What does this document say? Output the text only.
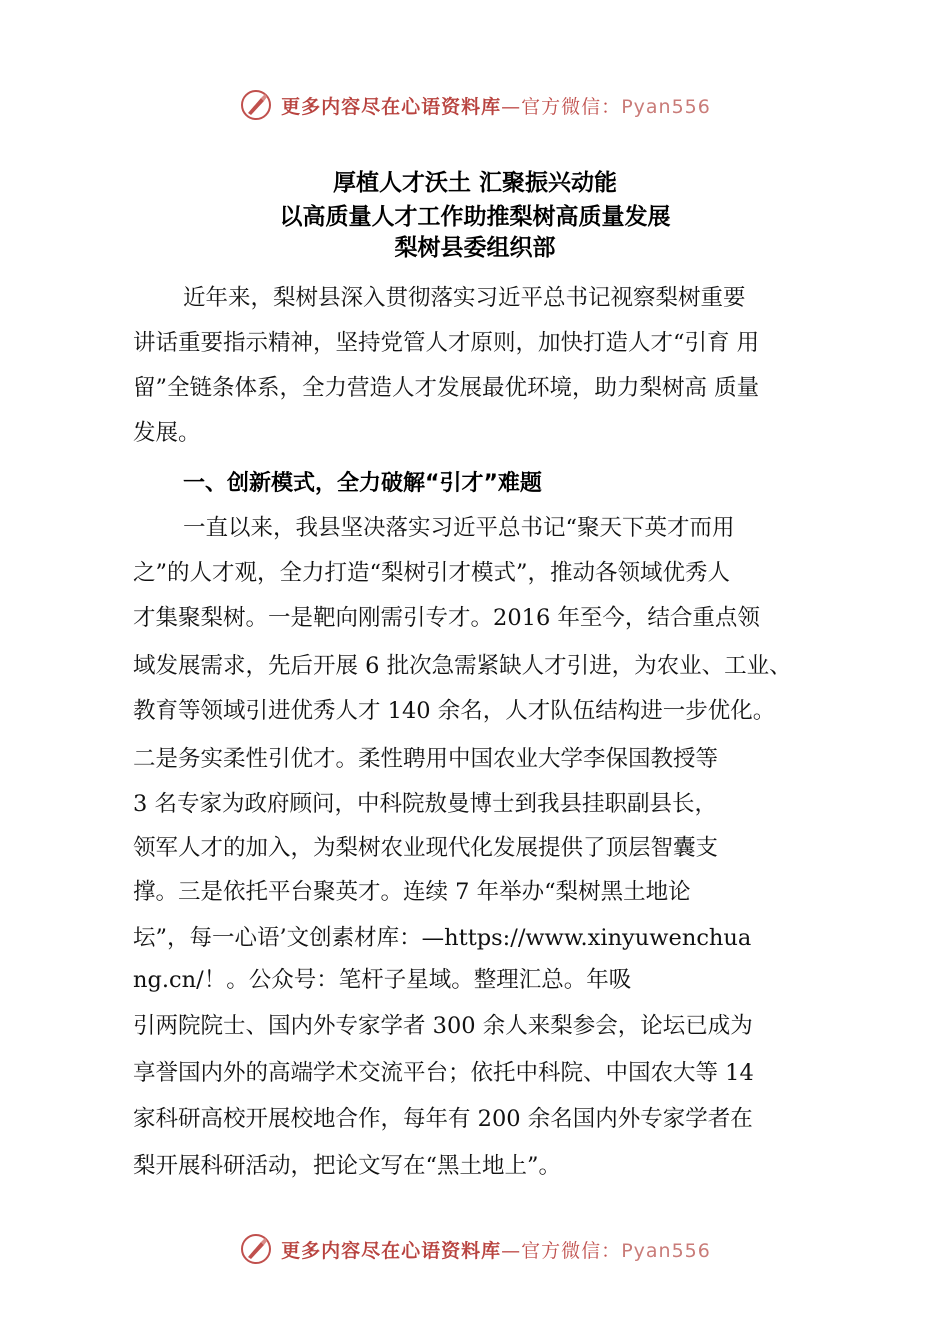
更多内容尽在心语资料库—官方微信：Pyan556
厚植人才沃土 汇聚振兴动能
以高质量人才工作助推梨树高质量发展
梨树县委组织部
近年来，梨树县深入贯彻落实习近平总书记视察梨树重要
讲话重要指示精神，坚持党管人才原则，加快打造人才“引育 用
留”全链条体系，全力营造人才发展最优环境，助力梨树高 质量
发展。
一、创新模式，全力破解“引才”难题
一直以来，我县坚决落实习近平总书记“聚天下英才而用
之”的人才观，全力打造“梨树引才模式”，推动各领域优秀人
才集聚梨树。一是靶向刚需引专才。2016 年至今，结合重点领
域发展需求，先后开展 6 批次急需紧缺人才引进，为农业、工业、
教育等领域引进优秀人才 140 余名，人才队伍结构进一步优化。
二是务实柔性引优才。柔性聘用中国农业大学李保国教授等
3 名专家为政府顾问，中科院敖曼博士到我县挂职副县长，
领军人才的加入，为梨树农业现代化发展提供了顶层智囊支
撑。三是依托平台聚英才。连续 7 年举办“梨树黑土地论
坛”，每一心语’文创素材库：—https://www.xinyuwenchua
ng.cn/！。公众号：笔杆子星域。整理汇总。年吸
引两院院士、国内外专家学者 300 余人来梨参会，论坛已成为
享誉国内外的高端学术交流平台；依托中科院、中国农大等 14
家科研高校开展校地合作，每年有 200 余名国内外专家学者在
梨开展科研活动，把论文写在“黑土地上”。
更多内容尽在心语资料库—官方微信：Pyan556
